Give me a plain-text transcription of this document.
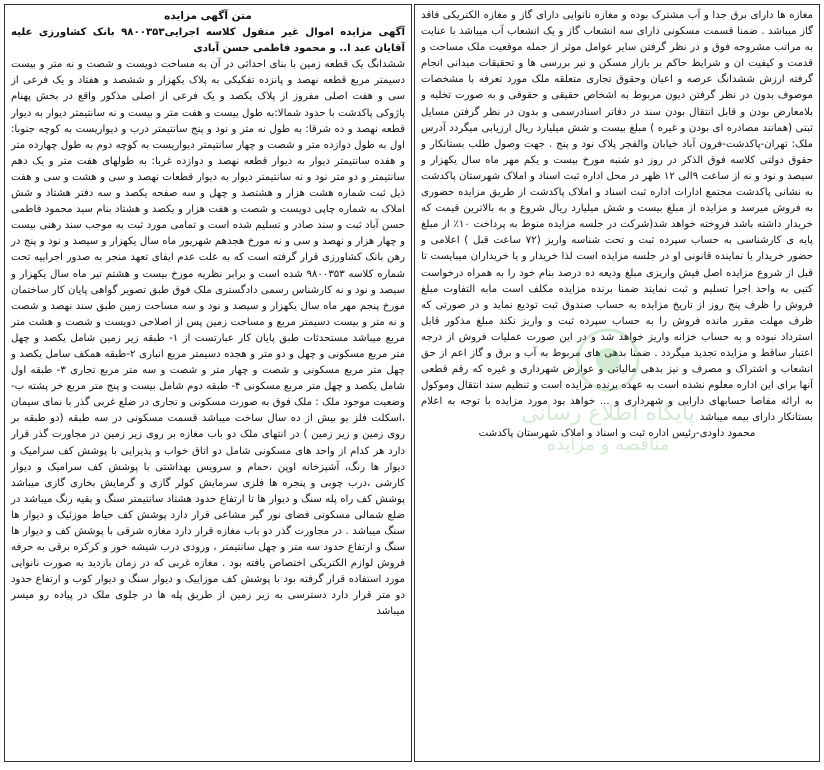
مغازه ها دارای برق جدا و آب مشترک بوده و مغازه نانوایی دارای گاز و مغازه الکتریکی فاقد گاز میباشد . ضمنا قسمت مسکونی دارای سه انشعاب گاز و یک انشعاب آب میباشد با عنایت به مراتب مشروحه فوق و در نظر گرفتن سایر عوامل موثر از جمله موقعیت ملک مساحت و قدمت و کیفیت ان و شرایط حاکم بر بازار مسکن و نیر بررسی ها و تحقیقات میدانی انجام گرفته ارزش ششدانگ عرصه و اعیان وحقوق تجاری متعلقه ملک مورد تعرفه با مشخصات موصوف بدون در نظر گرفتن دیون مربوط به اشخاص حقیقی و حقوقی و به صورت تخلیه و بلامعارض بودن و قابل انتقال بودن سند در دفاتر اسنادرسمی و بدون در نظر گرفتن مسایل ثبتی (همانند مصادره ای بودن و غیره ) مبلغ بیست و شش میلیارد ریال ارزیابی میگردد آدرس ملک: تهران-پاکدشت-فرون آباد خیابان والفجر پلاک نود و پنج . جهت وصول طلب بستانکار و حقوق دولتی کلاسه فوق الذکر در روز دو شنبه مورخ بیست و یکم مهر ماه سال یکهزار و سیصد و نود و نه از ساعت ۹الی ۱۲ ظهر در محل اداره ثبت اسناد و املاک شهرستان پاکدشت به نشانی پاکدشت مجتمع ادارات اداره ثبت اسناد و املاک پاکدشت از طریق مزایده حضوری به فروش میرسد و مزایده از مبلغ بیست و شش میلیارد ریال شروع و به بالاترین قیمت که خریدار داشته باشد فروخته خواهد شد(شرکت در جلسه مزایده منوط به پرداخت ۱۰٪ از مبلغ پایه ی کارشناسی به حساب سپرده ثبت و تحت شناسه واریز (۷۲ ساعت قبل ) اعلامی و حضور خریدار یا نماینده قانونی او در جلسه مزایده است لذا خریدار و یا خریداران میبایست تا قبل از شروع مزایده اصل فیش واریزی مبلغ ودیعه ده درصد بنام خود را به همراه درخواست کتبی به واحد اجرا تسلیم و ثبت نمایند ضمنا برنده مزایده مکلف است مابه التفاوت مبلغ فروش را ظرف پنج روز از تاریخ مزایده به حساب صندوق ثبت تودیع نماید و در صورتی که ظرف مهلت مقرر مانده فروش را به حساب سپرده ثبت و واریز نکند مبلغ مذکور قابل استرداد نبوده و به حساب خزانه واریز خواهد شد و در این صورت عملیات فروش از درجه اعتبار ساقط و مزایده تجدید میگردد . ضمنا بدهی های مربوط به آب و برق و گاز اعم از حق انشعاب و اشتراک و مصرف و نیز بدهی مالیاتی و عوارض شهرداری و غیره که رقم قطعی آنها برای این اداره معلوم نشده است به عهده برنده مزایده است و تنظیم سند انتقال وموکول به ارائه مفاصا حسابهای دارایی و شهرداری و ... خواهد بود مورد مزایده با توجه به اعلام بستانکار دارای بیمه میباشد

محمود داودی-رئیس اداره ثبت و اسناد و املاک شهرستان پاکدشت

متن آگهی مزایده

آگهی مزایده اموال غیر منقول کلاسه اجرایی۹۸۰۰۳۵۳ بانک کشاورزی علیه آقایان عبد ا.. و محمود فاطمی حسن آبادی

ششدانگ یک قطعه زمین با بنای احداثی در آن به مساحت دویست و شصت و نه متر و بیست دسیمتر مربع قطعه نهصد و پانزده تفکیکی به پلاک یکهزار و ششصد و هفتاد و یک فرعی از سی و هفت اصلی مفروز از پلاک یکصد و یک فرعی از اصلی مذکور واقع در بخش پهنام پاژوکی پاکدشت با حدود شمالا:به طول بیست و هفت متر و بیست و نه سانتیمتر دیوار به دیوار قطعه نهصد و ده شرقا: به طول نه متر و نود و پنج سانتیمتر درب و دیواریست به کوچه جنوبا: اول به طول دوازده متر و شصت و چهار سانتیمتر دیواریست به کوچه دوم به طول چهارده متر و هفده سانتیمتر دیوار به دیوار قطعه نهصد و دوازده غربا: به طولهای هفت متر و یک دهم سانتیمتر و دو متر نود و نه سانتیمتر دیوار به دیوار قطعات نهصد و سی و هشت و سی و هفت ذیل ثبت شماره هشت هزار و هشتصد و چهل و سه صفحه یکصد و سه دفتر هشتاد و شش املاک به شماره چاپی دویست و شصت و هفت هزار و یکصد و هشتاد بنام سید محمود فاطمی حسن آباد ثبت و سند صادر و تسلیم شده است و تمامی مورد ثبت به موجب سند رهنی بیست و چهار هزار و نهصد و سی و نه مورخ هجدهم شهریور ماه سال یکهزار و سیصد و نود و پنج در رهن بانک کشاورزی قرار گرفته است که به علت عدم ایفای تعهد منجر به صدور اجراییه تحت شماره کلاسه ۹۸۰۰۳۵۳ شده است و برابر نظریه مورخ بیست و هشتم تیر ماه سال یکهزار و سیصد و نود و نه کارشناس رسمی دادگستری ملک فوق طبق تصویر گواهی پایان کار ساختمان مورخ پنجم مهر ماه سال یکهزار و سیصد و نود و سه مساحت زمین طبق سند نهصد و شصت و نه متر و بیست دسیمتر مربع و مساحت زمین پس از اصلاحی دویست و شصت و هشت متر مربع میباشد مستحدثات طبق پایان کار عبارتست از ۱- طبقه زیر زمین شامل یکصد و چهل متر مربع مسکونی و چهل و دو متر و هجده دسیمتر مربع انباری ۲-طبقه همکف سامل یکصد و چهل متر مربع مسکونی و شصت و چهار متر و شصت و سه متر مربع تجاری ۳- طبقه اول شامل یکصد و چهل متر مربع مسکونی ۴- طبقه دوم شامل بیست و پنج متر مربع خر پشته ب- وضعیت موجود ملک : ملک فوق به صورت مسکونی و تجاری در ضلع غربی گذر با نمای سیمان ،اسکلت فلز یو بیش از ده سال ساخت میباشد قسمت مسکونی در سه طبقه (دو طبقه بر روی زمین و زیر زمین ) در انتهای ملک دو باب مغازه بر روی زیر زمین در مجاورت گذر قرار دارد هر کدام از واحد های مسکونی شامل دو اتاق خواب و پذیرایی با پوشش کف سرامیک و دیوار ها رنگ، آشپزخانه اوپن ،حمام و سرویس بهداشتی با پوشش کف سرامیک و دیوار کارشی ،درب چوبی و پنجره ها فلزی سرمایش کولر گازی و گرمایش بخاری گازی میباشد پوشش کف راه پله سنگ و دیوار ها تا ارتفاع حدود هشتاد سانتیمتر سنگ و بقیه رنگ میباشد در ضلع شمالی مسکونی فضای نور گیر مشاعی قرار دارد پوشش کف حیاط موزئیک و دیوار ها سنگ میباشد . در مجاورت گذر دو باب مغازه قرار دارد مغازه شرقی با پوشش کف و دیوار ها سنگ و ارتفاع حدود سه متر و چهل سانتیمتر ، ورودی درب شیشه خور و کرکره برقی به حرفه فروش لوازم الکتریکی اختصاص یافته بود . مغازه غربی که در زمان بازدید به صورت نانوایی مورد استفاده قرار گرفته بود با پوشش کف موزاییک و دیوار سنگ و دیوار کوب و ارتفاع حدود دو متر قرار دارد دسترسی به زیر زمین از طریق پله ها در جلوی ملک در پیاده رو میسر میباشد

پایگاه اطلاع رسانی
مناقصه و مزایده
